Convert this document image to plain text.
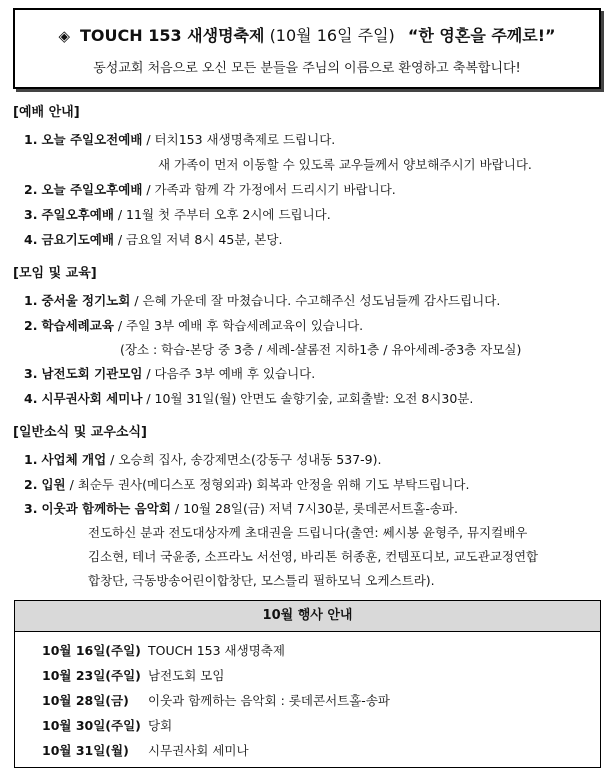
◈ TOUCH 153 새생명축제 (10월 16일 주일) “한 영혼을 주께로!”
동성교회 처음으로 오신 모든 분들을 주님의 이름으로 환영하고 축복합니다!
[예배 안내]
1. 오늘 주일오전예배 / 터치153 새생명축제로 드립니다.
새 가족이 먼저 이동할 수 있도록 교우들께서 양보해주시기 바랍니다.
2. 오늘 주일오후예배 / 가족과 함께 각 가정에서 드리시기 바랍니다.
3. 주일오후예배 / 11월 첫 주부터 오후 2시에 드립니다.
4. 금요기도예배 / 금요일 저녁 8시 45분, 본당.
[모임 및 교육]
1. 중서울 정기노회 / 은혜 가운데 잘 마쳤습니다. 수고해주신 성도님들께 감사드립니다.
2. 학습세례교육 / 주일 3부 예배 후 학습세례교육이 있습니다.
(장소 : 학습-본당 중 3층 / 세례-샬롬전 지하1층 / 유아세례-중3층 자모실)
3. 남전도회 기관모임 / 다음주 3부 예배 후 있습니다.
4. 시무권사회 세미나 / 10월 31일(월) 안면도 솔향기숲, 교회출발: 오전 8시30분.
[일반소식 및 교우소식]
1. 사업체 개업 / 오승희 집사, 송강제면소(강동구 성내동 537-9).
2. 입원 / 최순두 권사(메디스포 정형외과) 회복과 안정을 위해 기도 부탁드립니다.
3. 이웃과 함께하는 음악회 / 10월 28일(금) 저녁 7시30분, 롯데콘서트홀-송파.
전도하신 분과 전도대상자께 초대권을 드립니다(출연: 쎄시봉 윤형주, 뮤지컬배우
김소현, 테너 국윤종, 소프라노 서선영, 바리톤 허종훈, 컨템포디보, 교도관교정연합
합창단, 극동방송어린이합창단, 모스틀리 필하모닉 오케스트라).
10월 행사 안내
10월 16일(주일) TOUCH 153 새생명축제
10월 23일(주일) 남전도회 모임
10월 28일(금) 이웃과 함께하는 음악회 : 롯데콘서트홀-송파
10월 30일(주일) 당회
10월 31일(월) 시무권사회 세미나
